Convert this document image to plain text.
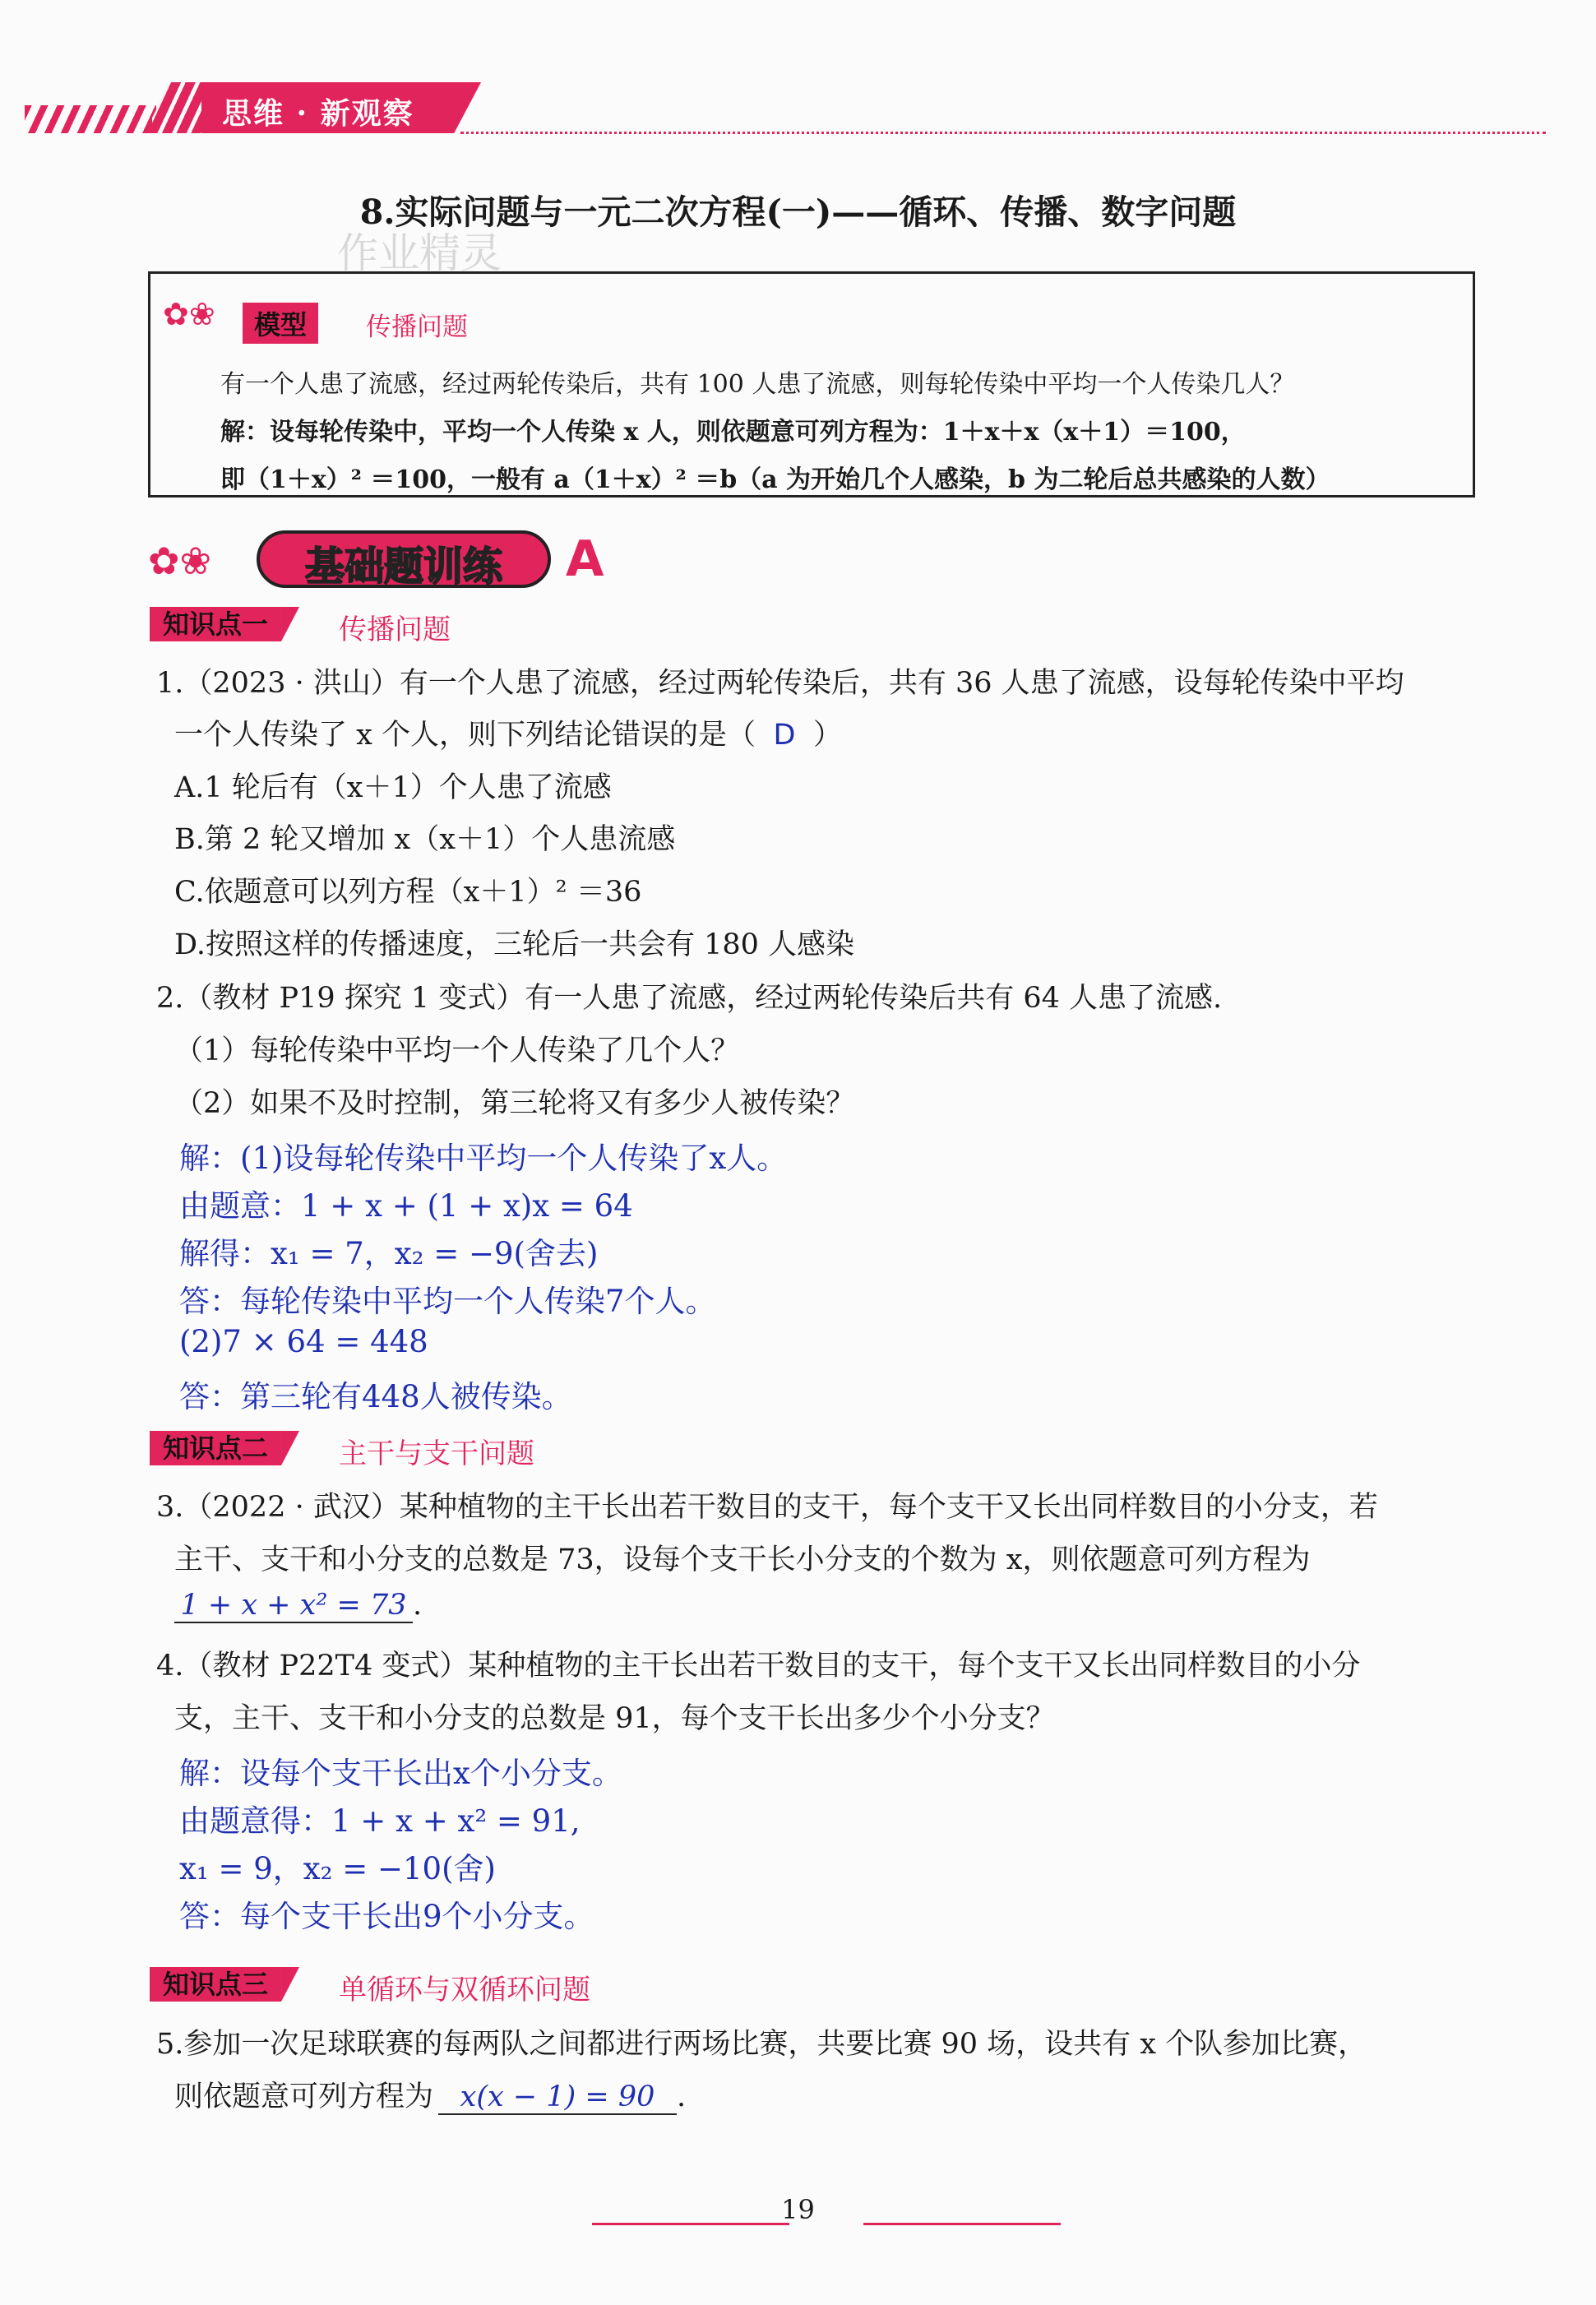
思维 · 新观察
8.实际问题与一元二次方程(一)——循环、传播、数字问题
作业精灵
✿❀	模型	传播问题
有一个人患了流感，经过两轮传染后，共有 100 人患了流感，则每轮传染中平均一个人传染几人？
解：设每轮传染中，平均一个人传染 x 人，则依题意可列方程为：1＋x＋x（x＋1）＝100，
即（1＋x）² ＝100，一般有 a（1＋x）² ＝b（a 为开始几个人感染，b 为二轮后总共感染的人数）
✿❀	基础题训练	A
知识点一	传播问题
1.（2023 · 洪山）有一个人患了流感，经过两轮传染后，共有 36 人患了流感，设每轮传染中平均
一个人传染了 x 个人，则下列结论错误的是（ D ）
A.1 轮后有（x＋1）个人患了流感
B.第 2 轮又增加 x（x＋1）个人患流感
C.依题意可以列方程（x＋1）² ＝36
D.按照这样的传播速度，三轮后一共会有 180 人感染
2.（教材 P19 探究 1 变式）有一人患了流感，经过两轮传染后共有 64 人患了流感.
（1）每轮传染中平均一个人传染了几个人？
（2）如果不及时控制，第三轮将又有多少人被传染？
解：(1)设每轮传染中平均一个人传染了x人。
由题意：1 + x + (1 + x)x = 64
解得：x₁ = 7，x₂ = −9(舍去)
答：每轮传染中平均一个人传染7个人。
(2)7 × 64 = 448
答：第三轮有448人被传染。
知识点二	主干与支干问题
3.（2022 · 武汉）某种植物的主干长出若干数目的支干，每个支干又长出同样数目的小分支，若
主干、支干和小分支的总数是 73，设每个支干长小分支的个数为 x，则依题意可列方程为
1 + x + x² = 73 .
4.（教材 P22T4 变式）某种植物的主干长出若干数目的支干，每个支干又长出同样数目的小分
支，主干、支干和小分支的总数是 91，每个支干长出多少个小分支？
解：设每个支干长出x个小分支。
由题意得：1 + x + x² = 91,
x₁ = 9，x₂ = −10(舍)
答：每个支干长出9个小分支。
知识点三	单循环与双循环问题
5.参加一次足球联赛的每两队之间都进行两场比赛，共要比赛 90 场，设共有 x 个队参加比赛，
则依题意可列方程为 x(x − 1) = 90 .
19
